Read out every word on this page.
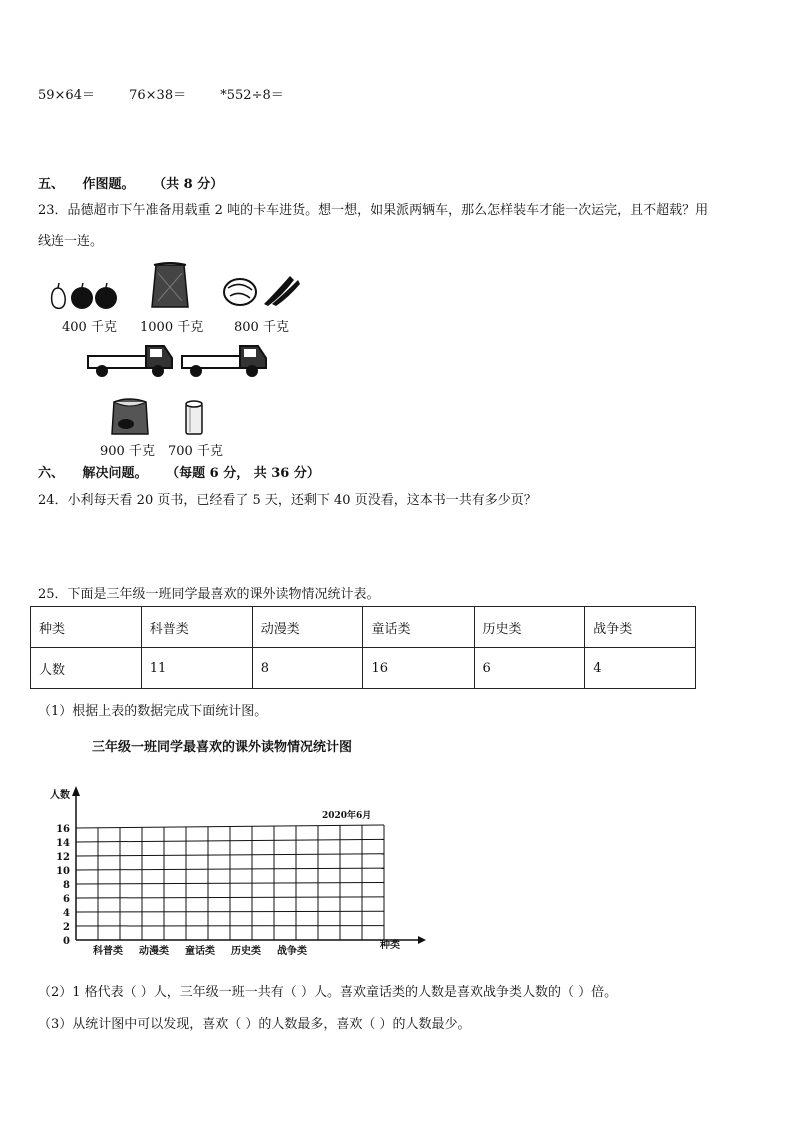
59×64＝	76×38＝	*552÷8＝
五、 作图题。 （共 8 分）
23．品德超市下午准备用载重 2 吨的卡车进货。想一想，如果派两辆车，那么怎样装车才能一次运完，且不超载？用
线连一连。
400 千克 1000 千克 800 千克
900 千克 700 千克
六、 解决问题。 （每题 6 分， 共 36 分）
24．小利每天看 20 页书，已经看了 5 天，还剩下 40 页没看，这本书一共有多少页？
25．下面是三年级一班同学最喜欢的课外读物情况统计表。
种类	科普类	动漫类	童话类	历史类	战争类
人数	11	8	16	6	4
（1）根据上表的数据完成下面统计图。
三年级一班同学最喜欢的课外读物情况统计图
0
2
4
6
8
10
12
14
16
科普类 动漫类 童话类 历史类 战争类
人数
种类
2020年6月
（2）1 格代表（ ）人，三年级一班一共有（ ）人。喜欢童话类的人数是喜欢战争类人数的（ ）倍。
（3）从统计图中可以发现，喜欢（ ）的人数最多，喜欢（ ）的人数最少。
